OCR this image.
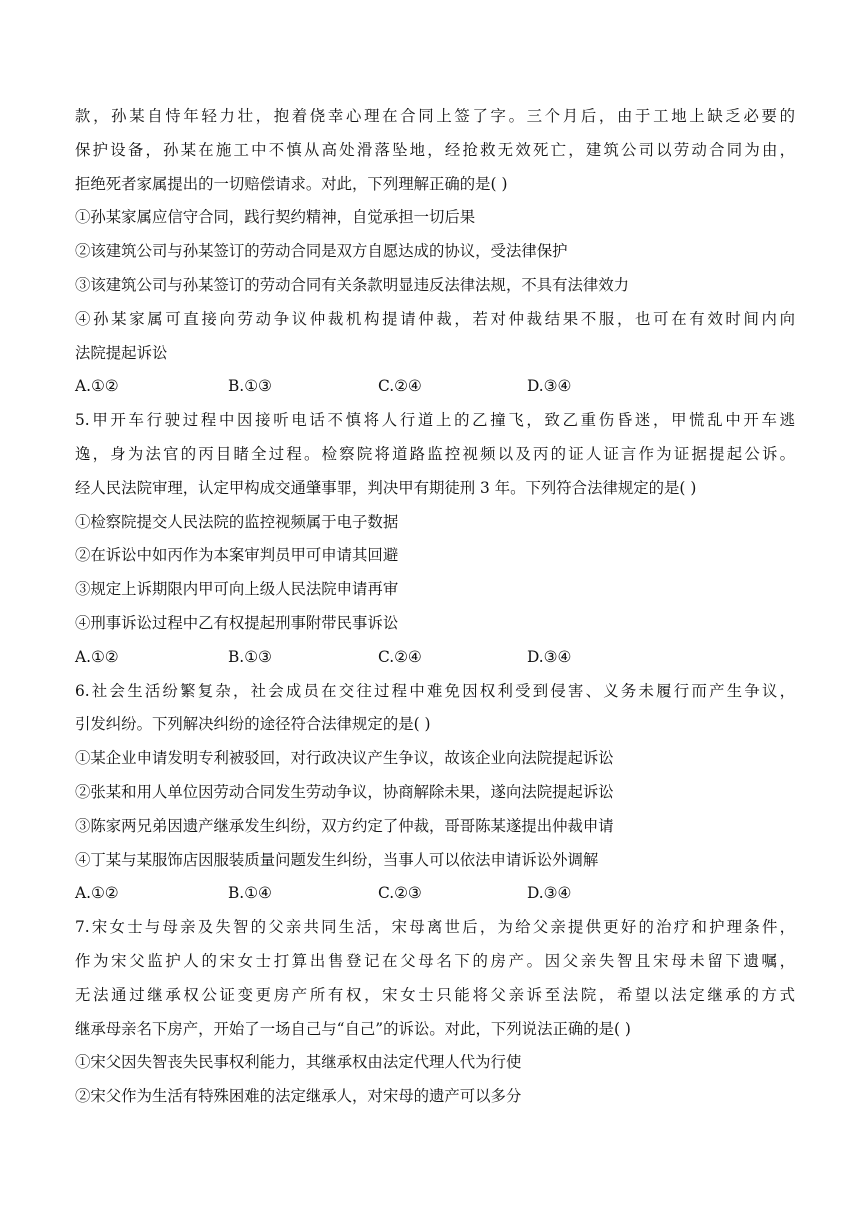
款，孙某自恃年轻力壮，抱着侥幸心理在合同上签了字。三个月后，由于工地上缺乏必要的
保护设备，孙某在施工中不慎从高处滑落坠地，经抢救无效死亡，建筑公司以劳动合同为由，
拒绝死者家属提出的一切赔偿请求。对此，下列理解正确的是( )
①孙某家属应信守合同，践行契约精神，自觉承担一切后果
②该建筑公司与孙某签订的劳动合同是双方自愿达成的协议，受法律保护
③该建筑公司与孙某签订的劳动合同有关条款明显违反法律法规，不具有法律效力
④孙某家属可直接向劳动争议仲裁机构提请仲裁，若对仲裁结果不服，也可在有效时间内向
法院提起诉讼
A.①②	B.①③	C.②④	D.③④
5.甲开车行驶过程中因接听电话不慎将人行道上的乙撞飞，致乙重伤昏迷，甲慌乱中开车逃
逸，身为法官的丙目睹全过程。检察院将道路监控视频以及丙的证人证言作为证据提起公诉。
经人民法院审理，认定甲构成交通肇事罪，判决甲有期徒刑 3 年。下列符合法律规定的是( )
①检察院提交人民法院的监控视频属于电子数据
②在诉讼中如丙作为本案审判员甲可申请其回避
③规定上诉期限内甲可向上级人民法院申请再审
④刑事诉讼过程中乙有权提起刑事附带民事诉讼
A.①②	B.①③	C.②④	D.③④
6.社会生活纷繁复杂，社会成员在交往过程中难免因权利受到侵害、义务未履行而产生争议，
引发纠纷。下列解决纠纷的途径符合法律规定的是( )
①某企业申请发明专利被驳回，对行政决议产生争议，故该企业向法院提起诉讼
②张某和用人单位因劳动合同发生劳动争议，协商解除未果，遂向法院提起诉讼
③陈家两兄弟因遗产继承发生纠纷，双方约定了仲裁，哥哥陈某遂提出仲裁申请
④丁某与某服饰店因服装质量问题发生纠纷，当事人可以依法申请诉讼外调解
A.①②	B.①④	C.②③	D.③④
7.宋女士与母亲及失智的父亲共同生活，宋母离世后，为给父亲提供更好的治疗和护理条件，
作为宋父监护人的宋女士打算出售登记在父母名下的房产。因父亲失智且宋母未留下遗嘱，
无法通过继承权公证变更房产所有权，宋女士只能将父亲诉至法院，希望以法定继承的方式
继承母亲名下房产，开始了一场自己与“自己”的诉讼。对此，下列说法正确的是( )
①宋父因失智丧失民事权利能力，其继承权由法定代理人代为行使
②宋父作为生活有特殊困难的法定继承人，对宋母的遗产可以多分
